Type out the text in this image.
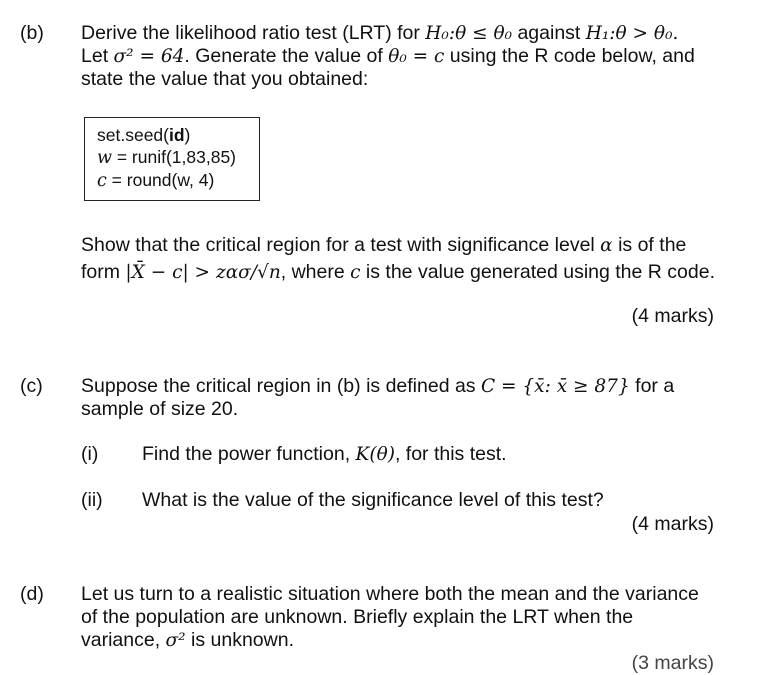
(b) Derive the likelihood ratio test (LRT) for H₀:θ ≤ θ₀ against H₁:θ > θ₀.
Let σ² = 64. Generate the value of θ₀ = c using the R code below, and
state the value that you obtained:
set.seed(id)
w = runif(1,83,85)
c = round(w, 4)
Show that the critical region for a test with significance level α is of the
form |X̄ − c| > zασ/√n, where c is the value generated using the R code.
(4 marks)
(c) Suppose the critical region in (b) is defined as C = {x̄: x̄ ≥ 87} for a
sample of size 20.
(i) Find the power function, K(θ), for this test.
(ii) What is the value of the significance level of this test?
(4 marks)
(d) Let us turn to a realistic situation where both the mean and the variance
of the population are unknown. Briefly explain the LRT when the
variance, σ² is unknown.
(3 marks)
